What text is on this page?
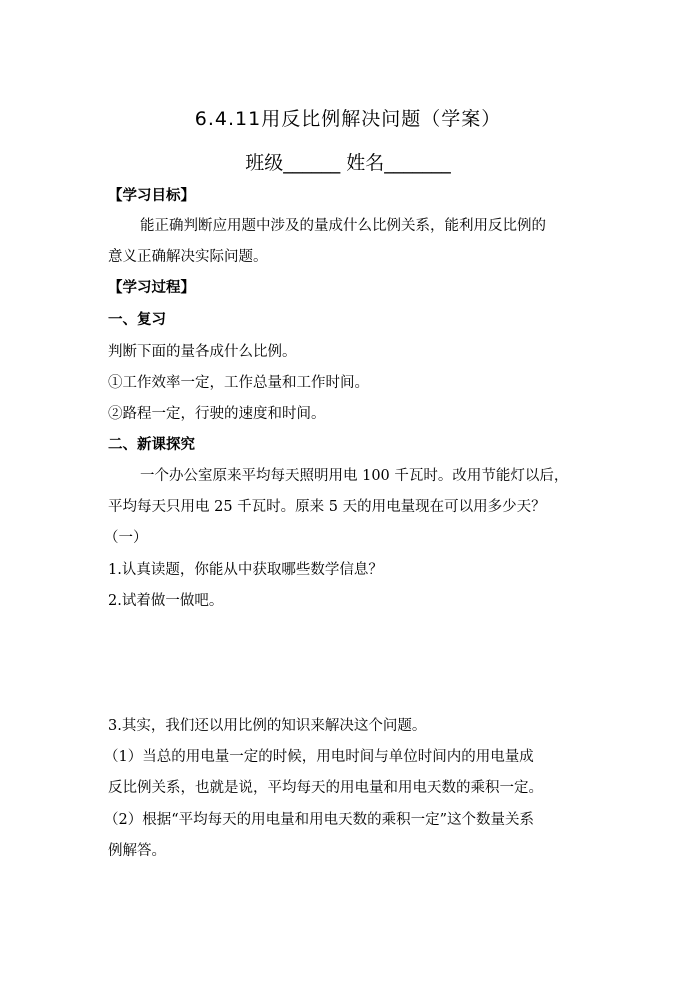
6.4.11用反比例解决问题（学案）
班级______ 姓名_______
【学习目标】
能正确判断应用题中涉及的量成什么比例关系，能利用反比例的
意义正确解决实际问题。
【学习过程】
一、复习
判断下面的量各成什么比例。
①工作效率一定，工作总量和工作时间。
②路程一定，行驶的速度和时间。
二、新课探究
一个办公室原来平均每天照明用电 100 千瓦时。改用节能灯以后，
平均每天只用电 25 千瓦时。原来 5 天的用电量现在可以用多少天？
（一）
1.认真读题，你能从中获取哪些数学信息？
2.试着做一做吧。
3.其实，我们还以用比例的知识来解决这个问题。
（1）当总的用电量一定的时候，用电时间与单位时间内的用电量成
反比例关系，也就是说，平均每天的用电量和用电天数的乘积一定。
（2）根据“平均每天的用电量和用电天数的乘积一定”这个数量关系
例解答。
